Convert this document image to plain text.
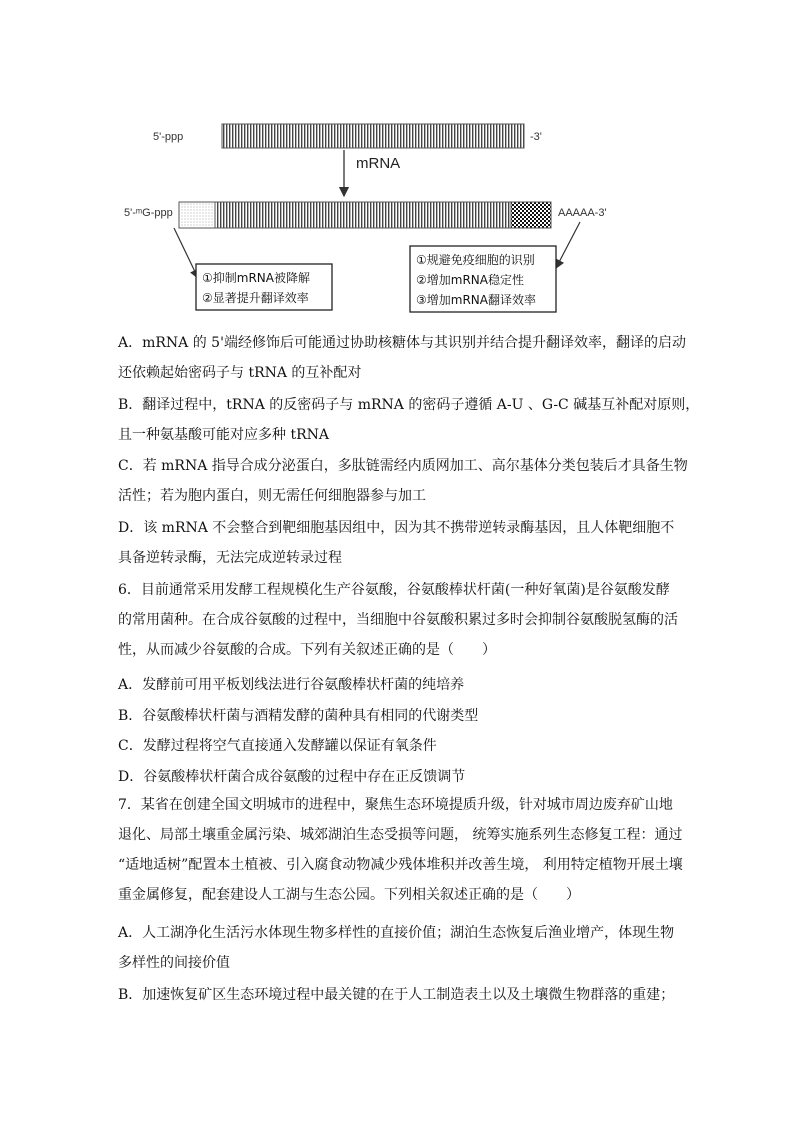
5'-ppp	-3'
mRNA
5'-ᵐG-ppp	AAAAA-3'
①抑制mRNA被降解
②显著提升翻译效率
①规避免疫细胞的识别
②增加mRNA稳定性
③增加mRNA翻译效率

A．mRNA 的 5'端经修饰后可能通过协助核糖体与其识别并结合提升翻译效率，翻译的启动
还依赖起始密码子与 tRNA 的互补配对

B．翻译过程中，tRNA 的反密码子与 mRNA 的密码子遵循 A-U 、G-C 碱基互补配对原则，
且一种氨基酸可能对应多种 tRNA

C．若 mRNA 指导合成分泌蛋白，多肽链需经内质网加工、高尔基体分类包装后才具备生物
活性；若为胞内蛋白，则无需任何细胞器参与加工

D．该 mRNA 不会整合到靶细胞基因组中，因为其不携带逆转录酶基因，且人体靶细胞不
具备逆转录酶，无法完成逆转录过程

6．目前通常采用发酵工程规模化生产谷氨酸，谷氨酸棒状杆菌(一种好氧菌)是谷氨酸发酵
的常用菌种。在合成谷氨酸的过程中，当细胞中谷氨酸积累过多时会抑制谷氨酸脱氢酶的活
性，从而减少谷氨酸的合成。下列有关叙述正确的是（　　）

A．发酵前可用平板划线法进行谷氨酸棒状杆菌的纯培养
B．谷氨酸棒状杆菌与酒精发酵的菌种具有相同的代谢类型
C．发酵过程将空气直接通入发酵罐以保证有氧条件
D．谷氨酸棒状杆菌合成谷氨酸的过程中存在正反馈调节

7．某省在创建全国文明城市的进程中，聚焦生态环境提质升级，针对城市周边废弃矿山地
退化、局部土壤重金属污染、城郊湖泊生态受损等问题， 统筹实施系列生态修复工程：通过
“适地适树”配置本土植被、引入腐食动物减少残体堆积并改善生境， 利用特定植物开展土壤
重金属修复，配套建设人工湖与生态公园。下列相关叙述正确的是（　　）

A．人工湖净化生活污水体现生物多样性的直接价值；湖泊生态恢复后渔业增产，体现生物
多样性的间接价值

B．加速恢复矿区生态环境过程中最关键的在于人工制造表土以及土壤微生物群落的重建；
